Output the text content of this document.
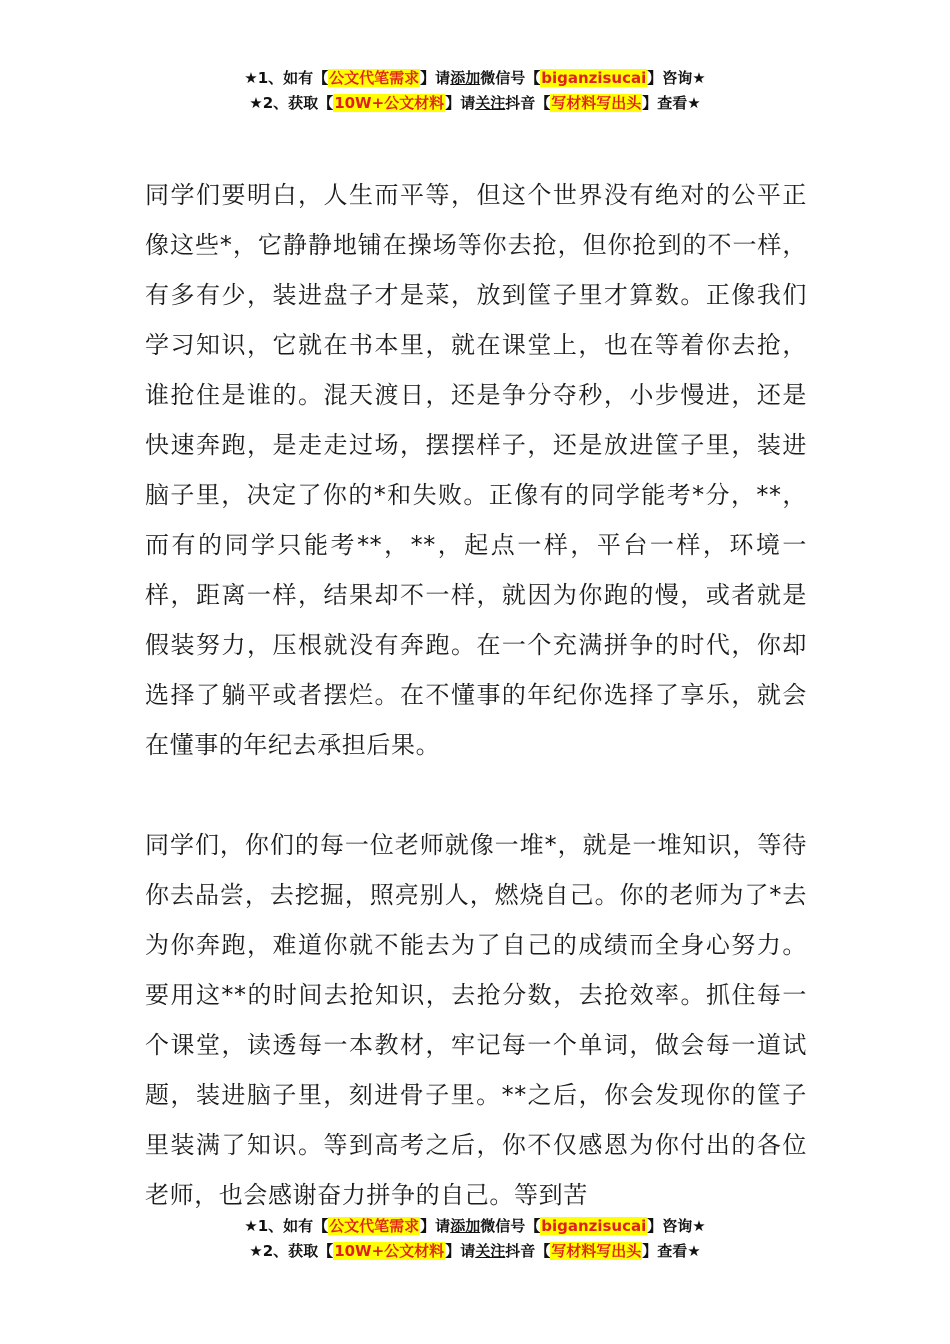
★1、如有【公文代笔需求】请添加微信号【biganzisucai】咨询★
★2、获取【10W+公文材料】请关注抖音【写材料写出头】查看★

同学们要明白，人生而平等，但这个世界没有绝对的公平正像这些*，它静静地铺在操场等你去抢，但你抢到的不一样，有多有少，装进盘子才是菜，放到筐子里才算数。正像我们学习知识，它就在书本里，就在课堂上，也在等着你去抢，谁抢住是谁的。混天渡日，还是争分夺秒，小步慢进，还是快速奔跑，是走走过场，摆摆样子，还是放进筐子里，装进脑子里，决定了你的*和失败。正像有的同学能考*分，**，而有的同学只能考**，**，起点一样，平台一样，环境一样，距离一样，结果却不一样，就因为你跑的慢，或者就是假装努力，压根就没有奔跑。在一个充满拼争的时代，你却选择了躺平或者摆烂。在不懂事的年纪你选择了享乐，就会在懂事的年纪去承担后果。

同学们，你们的每一位老师就像一堆*，就是一堆知识，等待你去品尝，去挖掘，照亮别人，燃烧自己。你的老师为了*去为你奔跑，难道你就不能去为了自己的成绩而全身心努力。要用这**的时间去抢知识，去抢分数，去抢效率。抓住每一个课堂，读透每一本教材，牢记每一个单词，做会每一道试题，装进脑子里，刻进骨子里。**之后，你会发现你的筐子里装满了知识。等到高考之后，你不仅感恩为你付出的各位老师，也会感谢奋力拼争的自己。等到苦

★1、如有【公文代笔需求】请添加微信号【biganzisucai】咨询★
★2、获取【10W+公文材料】请关注抖音【写材料写出头】查看★
